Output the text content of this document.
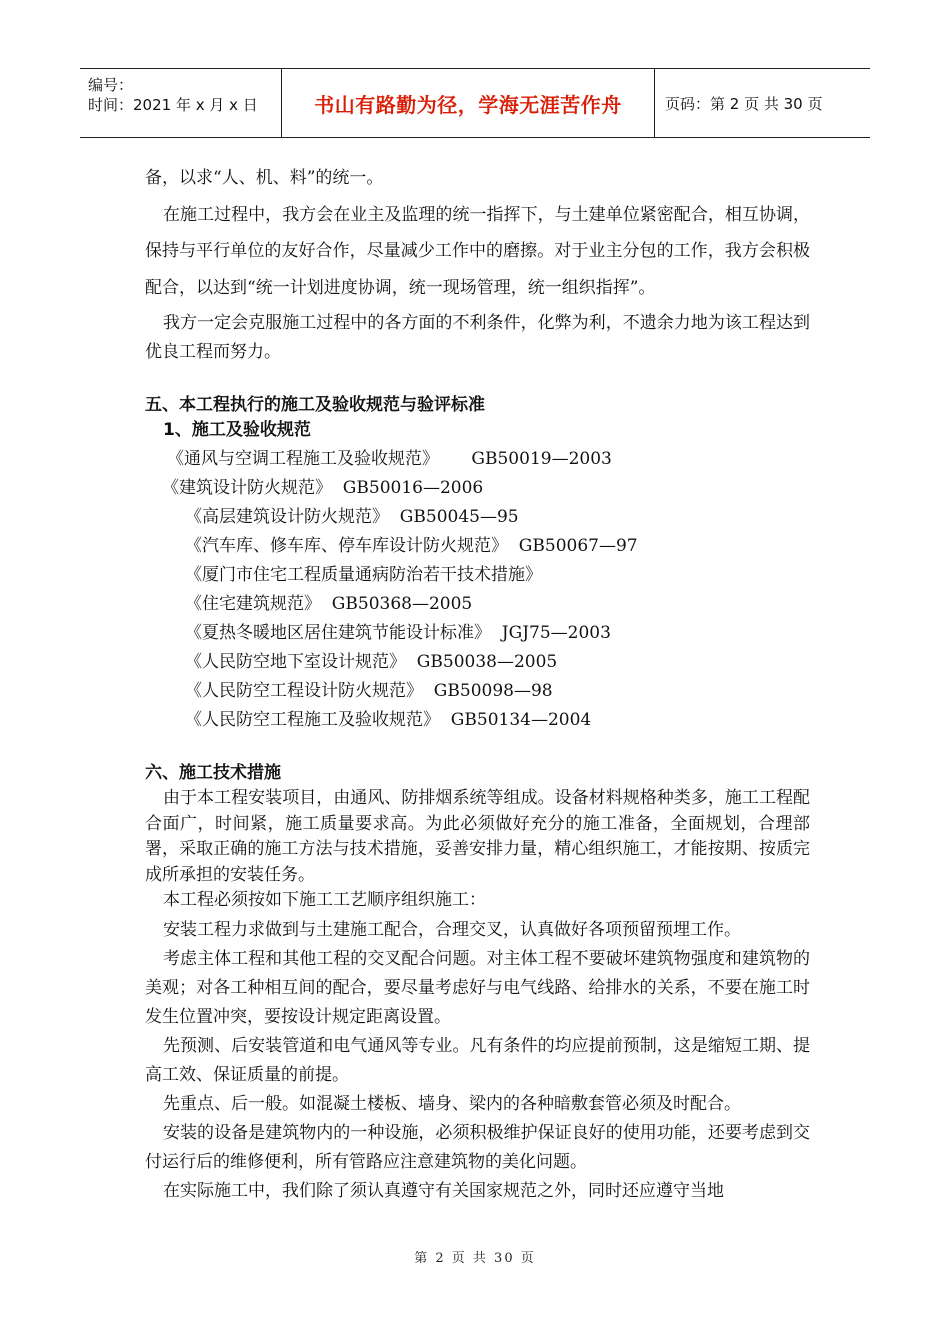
编号：
时间：2021 年 x 月 x 日	书山有路勤为径，学海无涯苦作舟	页码：第 2 页 共 30 页

备，以求“人、机、料”的统一。

在施工过程中，我方会在业主及监理的统一指挥下，与土建单位紧密配合，相互协调，保持与平行单位的友好合作，尽量减少工作中的磨擦。对于业主分包的工作，我方会积极配合，以达到“统一计划进度协调，统一现场管理，统一组织指挥”。

我方一定会克服施工过程中的各方面的不利条件，化弊为利，不遗余力地为该工程达到优良工程而努力。

五、本工程执行的施工及验收规范与验评标准
1、施工及验收规范
《通风与空调工程施工及验收规范》      GB50019—2003
《建筑设计防火规范》  GB50016—2006
《高层建筑设计防火规范》  GB50045—95
《汽车库、修车库、停车库设计防火规范》  GB50067—97
《厦门市住宅工程质量通病防治若干技术措施》
《住宅建筑规范》  GB50368—2005
《夏热冬暖地区居住建筑节能设计标准》  JGJ75—2003
《人民防空地下室设计规范》  GB50038—2005
《人民防空工程设计防火规范》  GB50098—98
《人民防空工程施工及验收规范》  GB50134—2004
六、施工技术措施

由于本工程安装项目，由通风、防排烟系统等组成。设备材料规格种类多，施工工程配合面广，时间紧，施工质量要求高。为此必须做好充分的施工准备，全面规划，合理部署，采取正确的施工方法与技术措施，妥善安排力量，精心组织施工，才能按期、按质完成所承担的安装任务。

本工程必须按如下施工工艺顺序组织施工：

安装工程力求做到与土建施工配合，合理交叉，认真做好各项预留预埋工作。

考虑主体工程和其他工程的交叉配合问题。对主体工程不要破坏建筑物强度和建筑物的美观；对各工种相互间的配合，要尽量考虑好与电气线路、给排水的关系，不要在施工时发生位置冲突，要按设计规定距离设置。

先预测、后安装管道和电气通风等专业。凡有条件的均应提前预制，这是缩短工期、提高工效、保证质量的前提。

先重点、后一般。如混凝土楼板、墙身、梁内的各种暗敷套管必须及时配合。

安装的设备是建筑物内的一种设施，必须积极维护保证良好的使用功能，还要考虑到交付运行后的维修便利，所有管路应注意建筑物的美化问题。

在实际施工中，我们除了须认真遵守有关国家规范之外，同时还应遵守当地

第 2 页 共 30 页
